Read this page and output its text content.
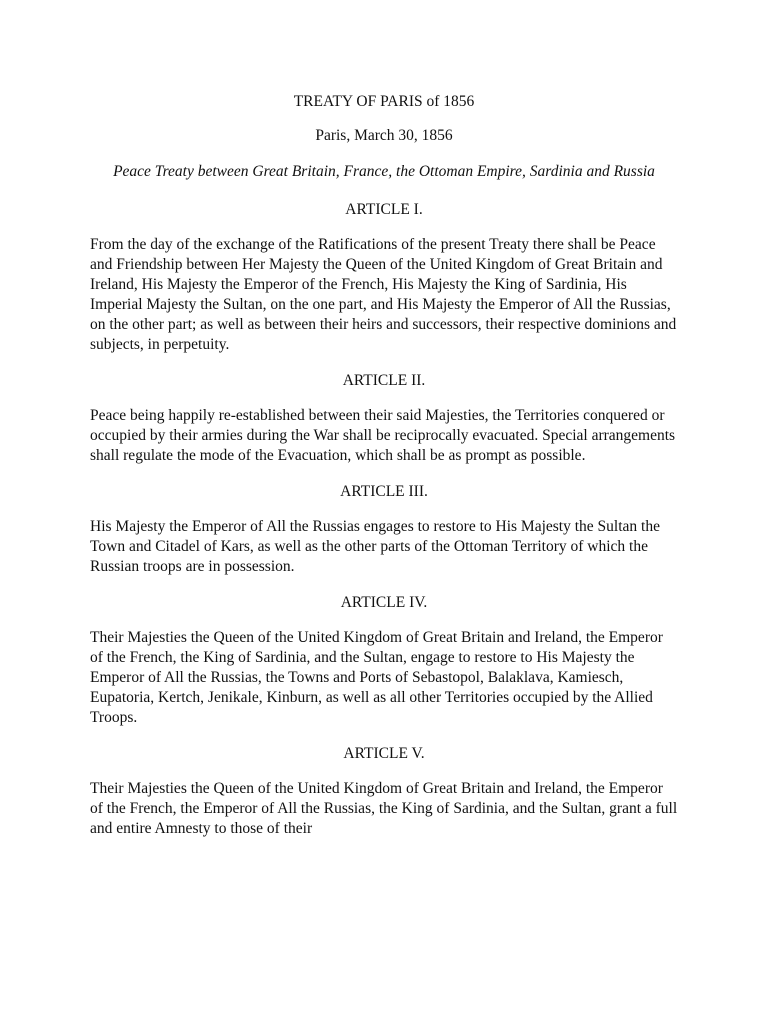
TREATY OF PARIS of 1856

Paris, March 30, 1856

Peace Treaty between Great Britain, France, the Ottoman Empire, Sardinia and Russia

ARTICLE I.

From the day of the exchange of the Ratifications of the present Treaty there shall be Peace and Friendship between Her Majesty the Queen of the United Kingdom of Great Britain and Ireland, His Majesty the Emperor of the French, His Majesty the King of Sardinia, His Imperial Majesty the Sultan, on the one part, and His Majesty the Emperor of All the Russias, on the other part; as well as between their heirs and successors, their respective dominions and subjects, in perpetuity.

ARTICLE II.

Peace being happily re-established between their said Majesties, the Territories conquered or occupied by their armies during the War shall be reciprocally evacuated. Special arrangements shall regulate the mode of the Evacuation, which shall be as prompt as possible.

ARTICLE III.

His Majesty the Emperor of All the Russias engages to restore to His Majesty the Sultan the Town and Citadel of Kars, as well as the other parts of the Ottoman Territory of which the Russian troops are in possession.

ARTICLE IV.

Their Majesties the Queen of the United Kingdom of Great Britain and Ireland, the Emperor of the French, the King of Sardinia, and the Sultan, engage to restore to His Majesty the Emperor of All the Russias, the Towns and Ports of Sebastopol, Balaklava, Kamiesch, Eupatoria, Kertch, Jenikale, Kinburn, as well as all other Territories occupied by the Allied Troops.

ARTICLE V.

Their Majesties the Queen of the United Kingdom of Great Britain and Ireland, the Emperor of the French, the Emperor of All the Russias, the King of Sardinia, and the Sultan, grant a full and entire Amnesty to those of their
